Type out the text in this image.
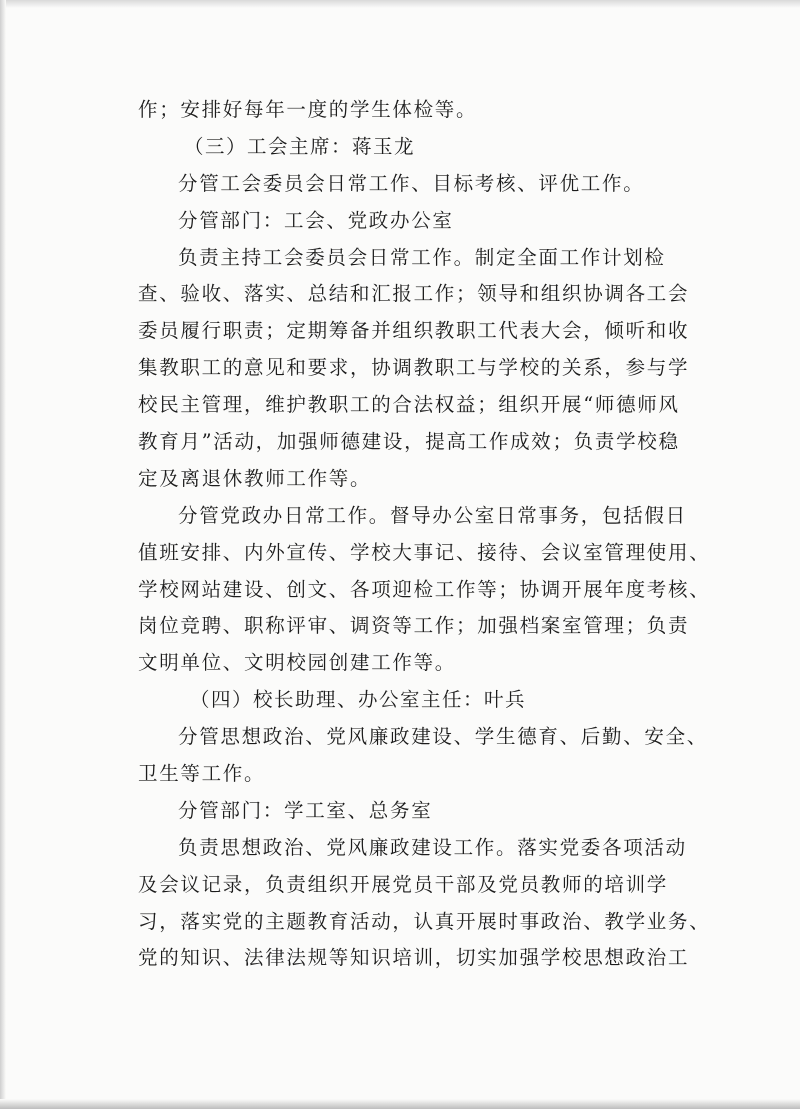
作；安排好每年一度的学生体检等。
（三）工会主席：蒋玉龙
分管工会委员会日常工作、目标考核、评优工作。
分管部门：工会、党政办公室
负责主持工会委员会日常工作。制定全面工作计划检
查、验收、落实、总结和汇报工作；领导和组织协调各工会
委员履行职责；定期筹备并组织教职工代表大会，倾听和收
集教职工的意见和要求，协调教职工与学校的关系，参与学
校民主管理，维护教职工的合法权益；组织开展“师德师风
教育月”活动，加强师德建设，提高工作成效；负责学校稳
定及离退休教师工作等。
分管党政办日常工作。督导办公室日常事务，包括假日
值班安排、内外宣传、学校大事记、接待、会议室管理使用、
学校网站建设、创文、各项迎检工作等；协调开展年度考核、
岗位竞聘、职称评审、调资等工作；加强档案室管理；负责
文明单位、文明校园创建工作等。
（四）校长助理、办公室主任：叶兵
分管思想政治、党风廉政建设、学生德育、后勤、安全、
卫生等工作。
分管部门：学工室、总务室
负责思想政治、党风廉政建设工作。落实党委各项活动
及会议记录，负责组织开展党员干部及党员教师的培训学
习，落实党的主题教育活动，认真开展时事政治、教学业务、
党的知识、法律法规等知识培训，切实加强学校思想政治工
